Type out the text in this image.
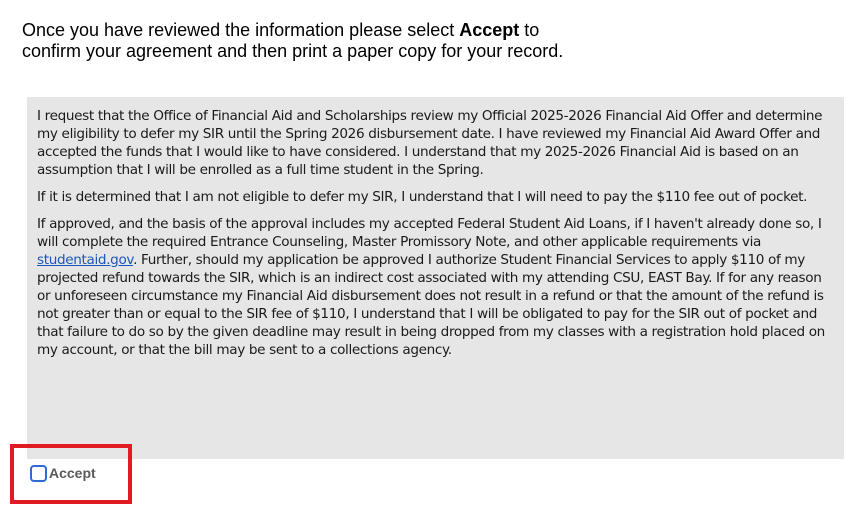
Once you have reviewed the information please select Accept to
confirm your agreement and then print a paper copy for your record.

I request that the Office of Financial Aid and Scholarships review my Official 2025-2026 Financial Aid Offer and determine my eligibility to defer my SIR until the Spring 2026 disbursement date. I have reviewed my Financial Aid Award Offer and accepted the funds that I would like to have considered. I understand that my 2025-2026 Financial Aid is based on an assumption that I will be enrolled as a full time student in the Spring.

If it is determined that I am not eligible to defer my SIR, I understand that I will need to pay the $110 fee out of pocket.

If approved, and the basis of the approval includes my accepted Federal Student Aid Loans, if I haven't already done so, I will complete the required Entrance Counseling, Master Promissory Note, and other applicable requirements via studentaid.gov. Further, should my application be approved I authorize Student Financial Services to apply $110 of my projected refund towards the SIR, which is an indirect cost associated with my attending CSU, EAST Bay. If for any reason or unforeseen circumstance my Financial Aid disbursement does not result in a refund or that the amount of the refund is not greater than or equal to the SIR fee of $110, I understand that I will be obligated to pay for the SIR out of pocket and that failure to do so by the given deadline may result in being dropped from my classes with a registration hold placed on my account, or that the bill may be sent to a collections agency.

Accept
